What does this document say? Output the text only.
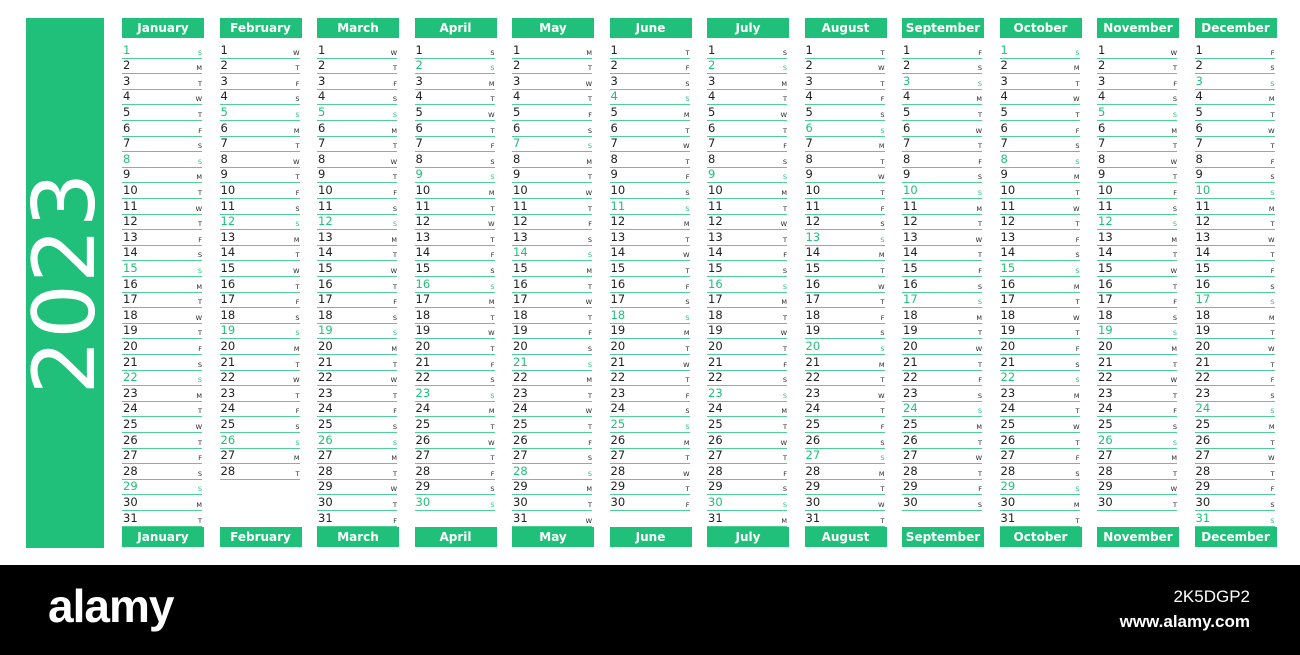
2023
January
1	S
2	M
3	T
4	W
5	T
6	F
7	S
8	S
9	M
10	T
11	W
12	T
13	F
14	S
15	S
16	M
17	T
18	W
19	T
20	F
21	S
22	S
23	M
24	T
25	W
26	T
27	F
28	S
29	S
30	M
31	T
January
February
1	W
2	T
3	F
4	S
5	S
6	M
7	T
8	W
9	T
10	F
11	S
12	S
13	M
14	T
15	W
16	T
17	F
18	S
19	S
20	M
21	T
22	W
23	T
24	F
25	S
26	S
27	M
28	T
February
March
1	W
2	T
3	F
4	S
5	S
6	M
7	T
8	W
9	T
10	F
11	S
12	S
13	M
14	T
15	W
16	T
17	F
18	S
19	S
20	M
21	T
22	W
23	T
24	F
25	S
26	S
27	M
28	T
29	W
30	T
31	F
March
April
1	S
2	S
3	M
4	T
5	W
6	T
7	F
8	S
9	S
10	M
11	T
12	W
13	T
14	F
15	S
16	S
17	M
18	T
19	W
20	T
21	F
22	S
23	S
24	M
25	T
26	W
27	T
28	F
29	S
30	S
April
May
1	M
2	T
3	W
4	T
5	F
6	S
7	S
8	M
9	T
10	W
11	T
12	F
13	S
14	S
15	M
16	T
17	W
18	T
19	F
20	S
21	S
22	M
23	T
24	W
25	T
26	F
27	S
28	S
29	M
30	T
31	W
May
June
1	T
2	F
3	S
4	S
5	M
6	T
7	W
8	T
9	F
10	S
11	S
12	M
13	T
14	W
15	T
16	F
17	S
18	S
19	M
20	T
21	W
22	T
23	F
24	S
25	S
26	M
27	T
28	W
29	T
30	F
June
July
1	S
2	S
3	M
4	T
5	W
6	T
7	F
8	S
9	S
10	M
11	T
12	W
13	T
14	F
15	S
16	S
17	M
18	T
19	W
20	T
21	F
22	S
23	S
24	M
25	T
26	W
27	T
28	F
29	S
30	S
31	M
July
August
1	T
2	W
3	T
4	F
5	S
6	S
7	M
8	T
9	W
10	T
11	F
12	S
13	S
14	M
15	T
16	W
17	T
18	F
19	S
20	S
21	M
22	T
23	W
24	T
25	F
26	S
27	S
28	M
29	T
30	W
31	T
August
September
1	F
2	S
3	S
4	M
5	T
6	W
7	T
8	F
9	S
10	S
11	M
12	T
13	W
14	T
15	F
16	S
17	S
18	M
19	T
20	W
21	T
22	F
23	S
24	S
25	M
26	T
27	W
28	T
29	F
30	S
September
October
1	S
2	M
3	T
4	W
5	T
6	F
7	S
8	S
9	M
10	T
11	W
12	T
13	F
14	S
15	S
16	M
17	T
18	W
19	T
20	F
21	S
22	S
23	M
24	T
25	W
26	T
27	F
28	S
29	S
30	M
31	T
October
November
1	W
2	T
3	F
4	S
5	S
6	M
7	T
8	W
9	T
10	F
11	S
12	S
13	M
14	T
15	W
16	T
17	F
18	S
19	S
20	M
21	T
22	W
23	T
24	F
25	S
26	S
27	M
28	T
29	W
30	T
November
December
1	F
2	S
3	S
4	M
5	T
6	W
7	T
8	F
9	S
10	S
11	M
12	T
13	W
14	T
15	F
16	S
17	S
18	M
19	T
20	W
21	T
22	F
23	S
24	S
25	M
26	T
27	W
28	T
29	F
30	S
31	S
December
alamy	2K5DGP2
www.alamy.com
